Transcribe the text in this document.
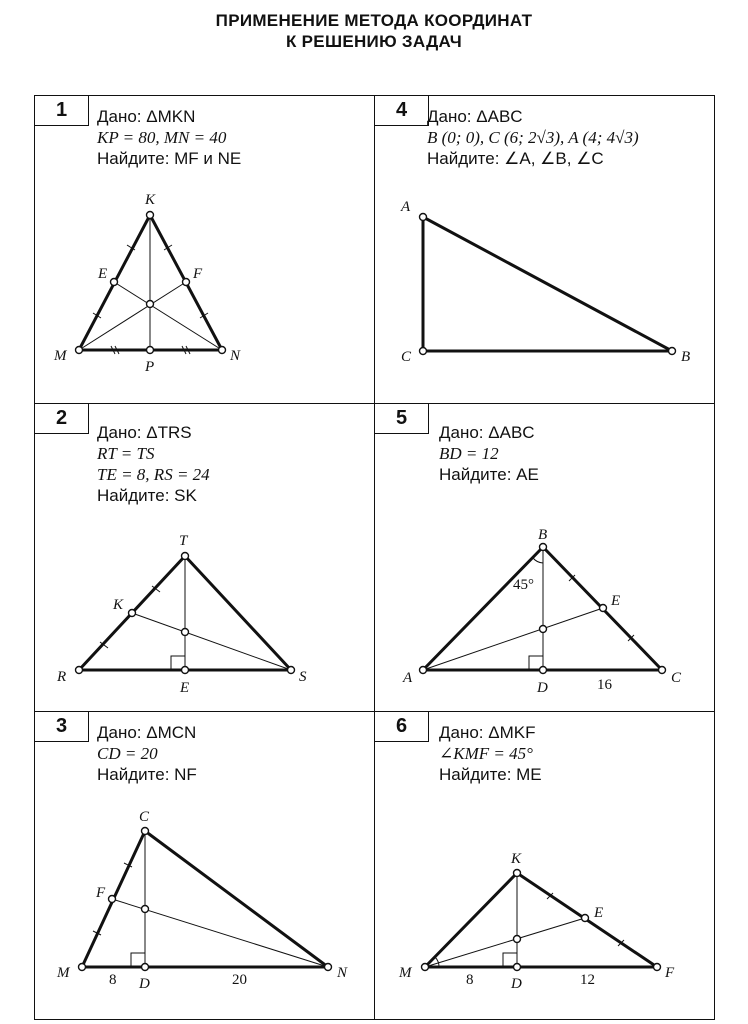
ПРИМЕНЕНИЕ МЕТОДА КООРДИНАТ
К РЕШЕНИЮ ЗАДАЧ
1	Дано: ΔMKN
KP = 80, MN = 40
Найдите: MF и NE
4	Дано: ΔABC
B (0; 0), C (6; 2√3), A (4; 4√3)
Найдите: ∠A, ∠B, ∠C
2
Дано: ΔTRS
RT = TS
TE = 8, RS = 24
Найдите: SK
5
Дано: ΔABC
BD = 12
Найдите: AE
3	Дано: ΔMCN
CD = 20
Найдите: NF
6	Дано: ΔMKF
∠KMF = 45°
Найдите: ME
K
E	F
M	N
P
A
C	B
T
K
R	S
E
B
45°
E
A
D
C
16
C
F
M	N
D
8	20
K
E
M
D
F
8	12
